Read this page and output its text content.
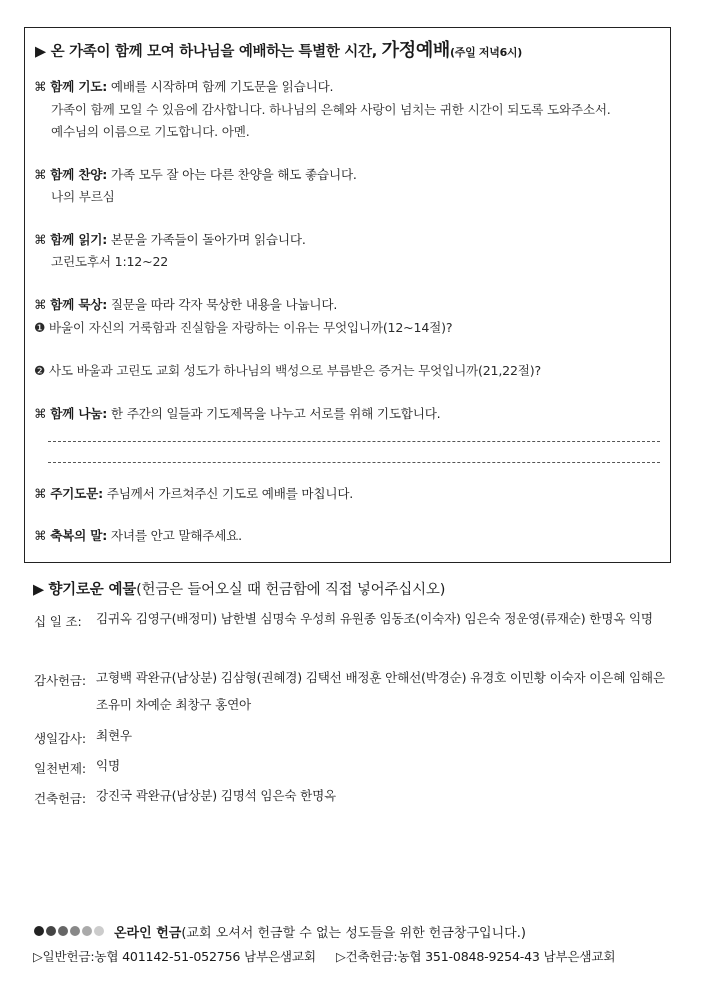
▶ 온 가족이 함께 모여 하나님을 예배하는 특별한 시간, 가정예배(주일 저녁6시)
⌘ 함께 기도: 예배를 시작하며 함께 기도문을 읽습니다.
가족이 함께 모일 수 있음에 감사합니다. 하나님의 은혜와 사랑이 넘치는 귀한 시간이 되도록 도와주소서.
예수님의 이름으로 기도합니다. 아멘.
⌘ 함께 찬양: 가족 모두 잘 아는 다른 찬양을 해도 좋습니다.
나의 부르심
⌘ 함께 읽기: 본문을 가족들이 돌아가며 읽습니다.
고린도후서 1:12~22
⌘ 함께 묵상: 질문을 따라 각자 묵상한 내용을 나눕니다.
❶ 바울이 자신의 거룩함과 진실함을 자랑하는 이유는 무엇입니까(12~14절)?
❷ 사도 바울과 고린도 교회 성도가 하나님의 백성으로 부름받은 증거는 무엇입니까(21,22절)?
⌘ 함께 나눔: 한 주간의 일들과 기도제목을 나누고 서로를 위해 기도합니다.
⌘ 주기도문: 주님께서 가르쳐주신 기도로 예배를 마칩니다.
⌘ 축복의 말: 자녀를 안고 말해주세요.
▶ 향기로운 예물(헌금은 들어오실 때 헌금함에 직접 넣어주십시오)
십 일 조: 김귀옥 김영구(배정미) 남한별 심명숙 우성희 유원종 임동조(이숙자) 임은숙 정운영(류재순) 한명옥 익명
감사헌금: 고형백 곽완규(남상분) 김삼형(권혜경) 김택선 배정훈 안해선(박경순) 유경호 이민황 이숙자 이은혜 임해은 조유미 차예순 최창구 홍연아
생일감사: 최현우
일천번제: 익명
건축헌금: 강진국 곽완규(남상분) 김명석 임은숙 한명옥
온라인 헌금(교회 오셔서 헌금할 수 없는 성도들을 위한 헌금창구입니다.)
▷일반헌금:농협 401142-51-052756 남부은샘교회 ▷건축헌금:농협 351-0848-9254-43 남부은샘교회
